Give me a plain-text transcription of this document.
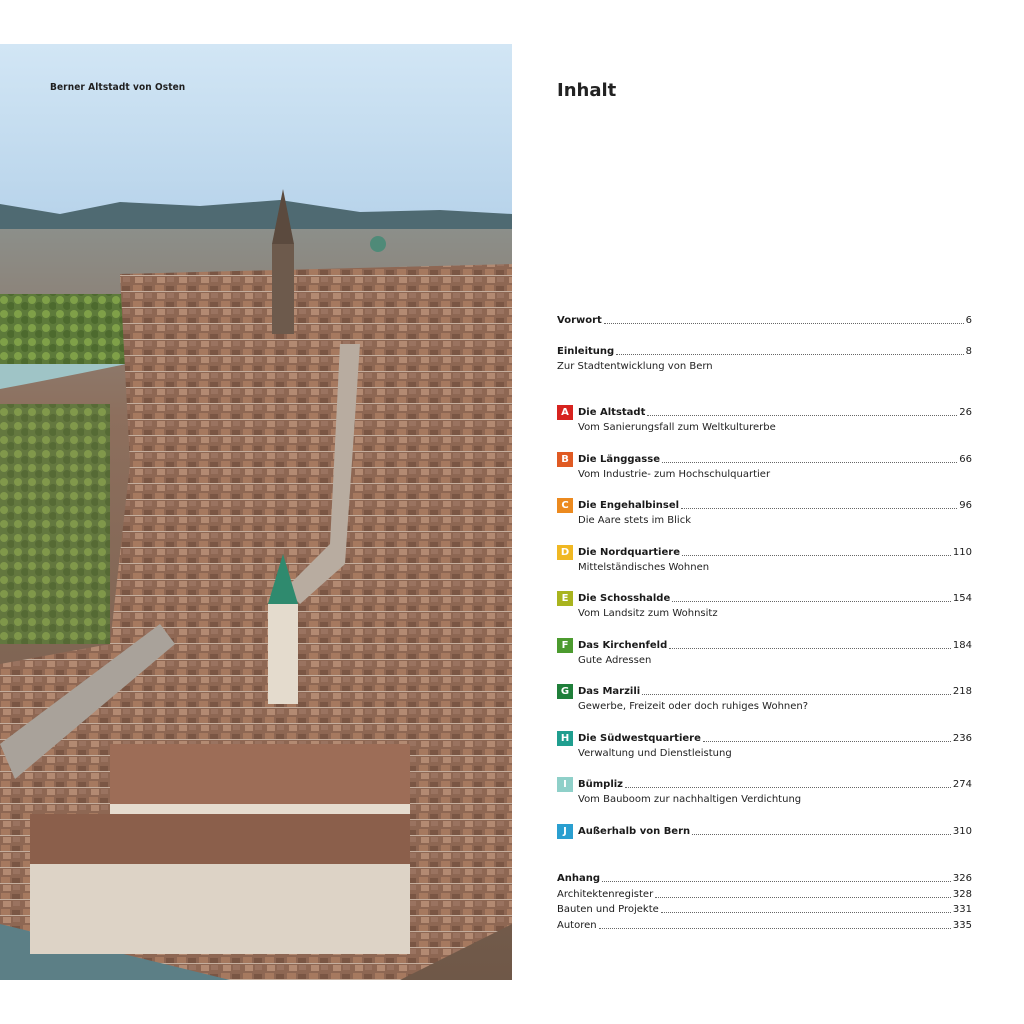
Berner Altstadt von Osten	Inhalt
Vorwort	6
Einleitung	8
Zur Stadtentwicklung von Bern
A Die Altstadt	26
Vom Sanierungsfall zum Weltkulturerbe
B Die Länggasse	66
Vom Industrie- zum Hochschulquartier
C Die Engehalbinsel	96
Die Aare stets im Blick
D Die Nordquartiere	110
Mittelständisches Wohnen
E Die Schosshalde	154
Vom Landsitz zum Wohnsitz
F Das Kirchenfeld	184
Gute Adressen
G Das Marzili	218
Gewerbe, Freizeit oder doch ruhiges Wohnen?
H Die Südwestquartiere	236
Verwaltung und Dienstleistung
I	Bümpliz	274
Vom Bauboom zur nachhaltigen Verdichtung
J	Außerhalb von Bern	310
Anhang	326
Architektenregister	328
Bauten und Projekte	331
Autoren	335
